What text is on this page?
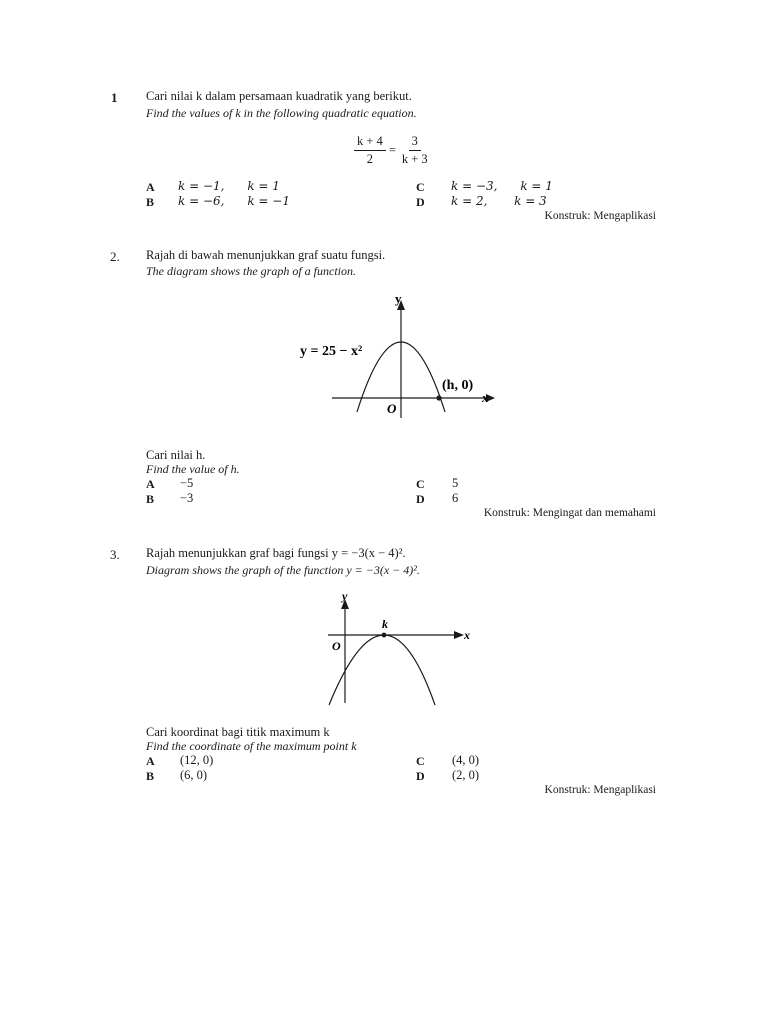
1 Cari nilai k dalam persamaan kuadratik yang berikut.
Find the values of k in the following quadratic equation.
$\frac{k + 4}{2} = \frac{3}{k + 3}$
A k = −1,      k = 1
B k = −6,      k = −1
C k = −3,      k = 1
D k = 2,       k = 3
Konstruk: Mengaplikasi
2. Rajah di bawah menunjukkan graf suatu fungsi.
The diagram shows the graph of a function.
y
x
y = 25 − x²
(h, 0)
O
Cari nilai h.
Find the value of h.
A −5
B −3
C 5
D 6
Konstruk: Mengingat dan memahami
3. Rajah menunjukkan graf bagi fungsi y = −3(x − 4)².
Diagram shows the graph of the function y = −3(x − 4)².
y
x
k
O
Cari koordinat bagi titik maximum k
Find the coordinate of the maximum point k
A (12, 0)
B (6, 0)
C (4, 0)
D (2, 0)
Konstruk: Mengaplikasi
